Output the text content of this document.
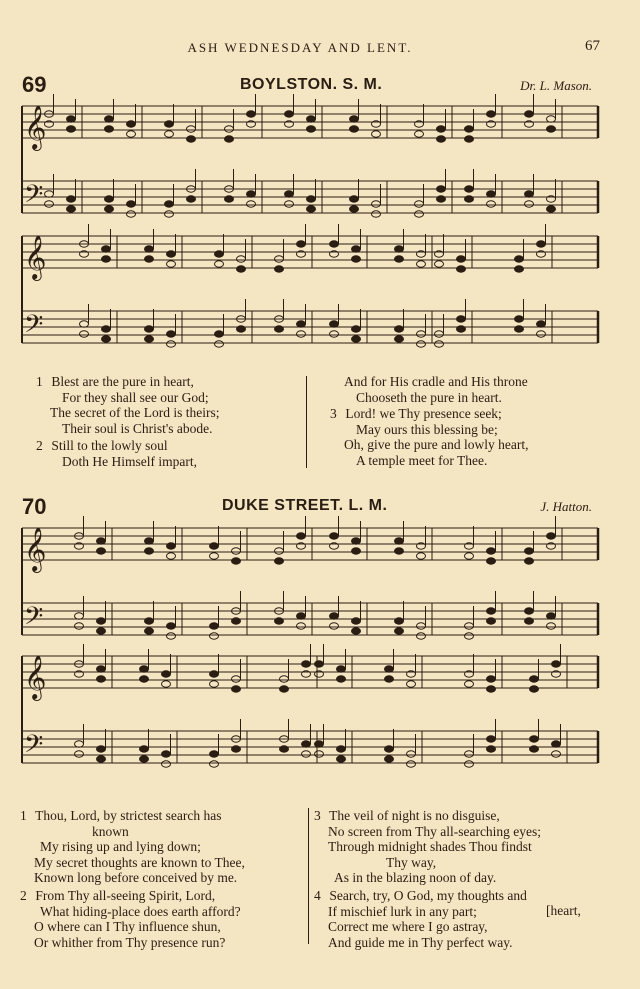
ASH WEDNESDAY AND LENT.	67
69	BOYLSTON. S. M.	Dr. L. Mason.
𝄞
𝄢
𝄞
𝄢
𝄞
𝄢
𝄞
𝄢
1 Blest are the pure in heart,
For they shall see our God;
The secret of the Lord is theirs;
Their soul is Christ's abode.
2 Still to the lowly soul
Doth He Himself impart,
And for His cradle and His throne
Chooseth the pure in heart.
3 Lord! we Thy presence seek;
May ours this blessing be;
Oh, give the pure and lowly heart,
A temple meet for Thee.
70	DUKE STREET. L. M.	J. Hatton.
1 Thou, Lord, by strictest search has
known
My rising up and lying down;
My secret thoughts are known to Thee,
Known long before conceived by me.
2 From Thy all-seeing Spirit, Lord,
What hiding-place does earth afford?
O where can I Thy influence shun,
Or whither from Thy presence run?
3 The veil of night is no disguise,
No screen from Thy all-searching eyes;
Through midnight shades Thou findst
Thy way,
As in the blazing noon of day.
4 Search, try, O God, my thoughts and
If mischief lurk in any part;
Correct me where I go astray,
And guide me in Thy perfect way.
[heart,
